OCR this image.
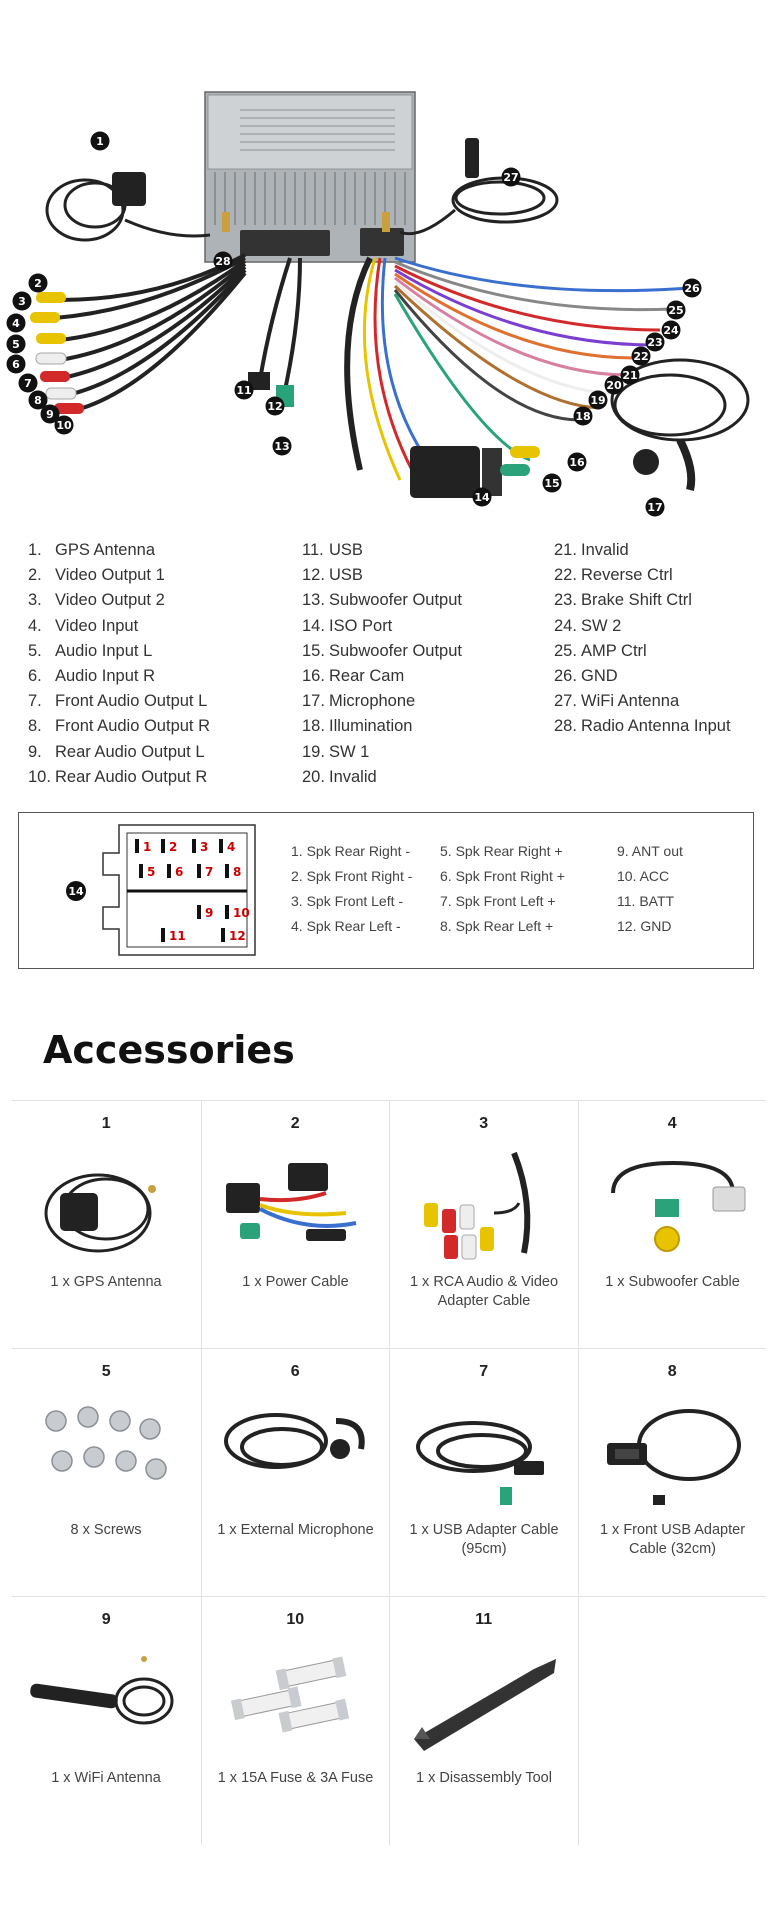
1
2
3
4
5
6
7
8
9
10
11
12
13
14
15
16
17
18
19
20
21
22
23
24
25
26
27
28
1. GPS Antenna
2. Video Output 1
3. Video Output 2
4. Video Input
5. Audio Input L
6. Audio Input R
7. Front Audio Output L
8. Front Audio Output R
9. Rear Audio Output L
10. Rear Audio Output R
11. USB
12. USB
13. Subwoofer Output
14. ISO Port
15. Subwoofer Output
16. Rear Cam
17. Microphone
18. Illumination
19. SW 1
20. Invalid
21. Invalid
22. Reverse Ctrl
23. Brake Shift Ctrl
24. SW 2
25. AMP Ctrl
26. GND
27. WiFi Antenna
28. Radio Antenna Input
14
1 2 3 4
5 6 7 8
9 10
11	12
1. Spk Rear Right -
2. Spk Front Right -
3. Spk Front Left -
4. Spk Rear Left -
5. Spk Rear Right +
6. Spk Front Right +
7. Spk Front Left +
8. Spk Rear Left +
9. ANT out
10. ACC
11. BATT
12. GND
Accessories
1
1 x GPS Antenna
2
1 x Power Cable
3
1 x RCA Audio & Video Adapter Cable
4
1 x Subwoofer Cable
5
8 x Screws
6
1 x External Microphone
7
1 x USB Adapter Cable (95cm)
8
1 x Front USB Adapter Cable (32cm)
9
1 x WiFi Antenna
10
1 x 15A Fuse & 3A Fuse
11
1 x Disassembly Tool
